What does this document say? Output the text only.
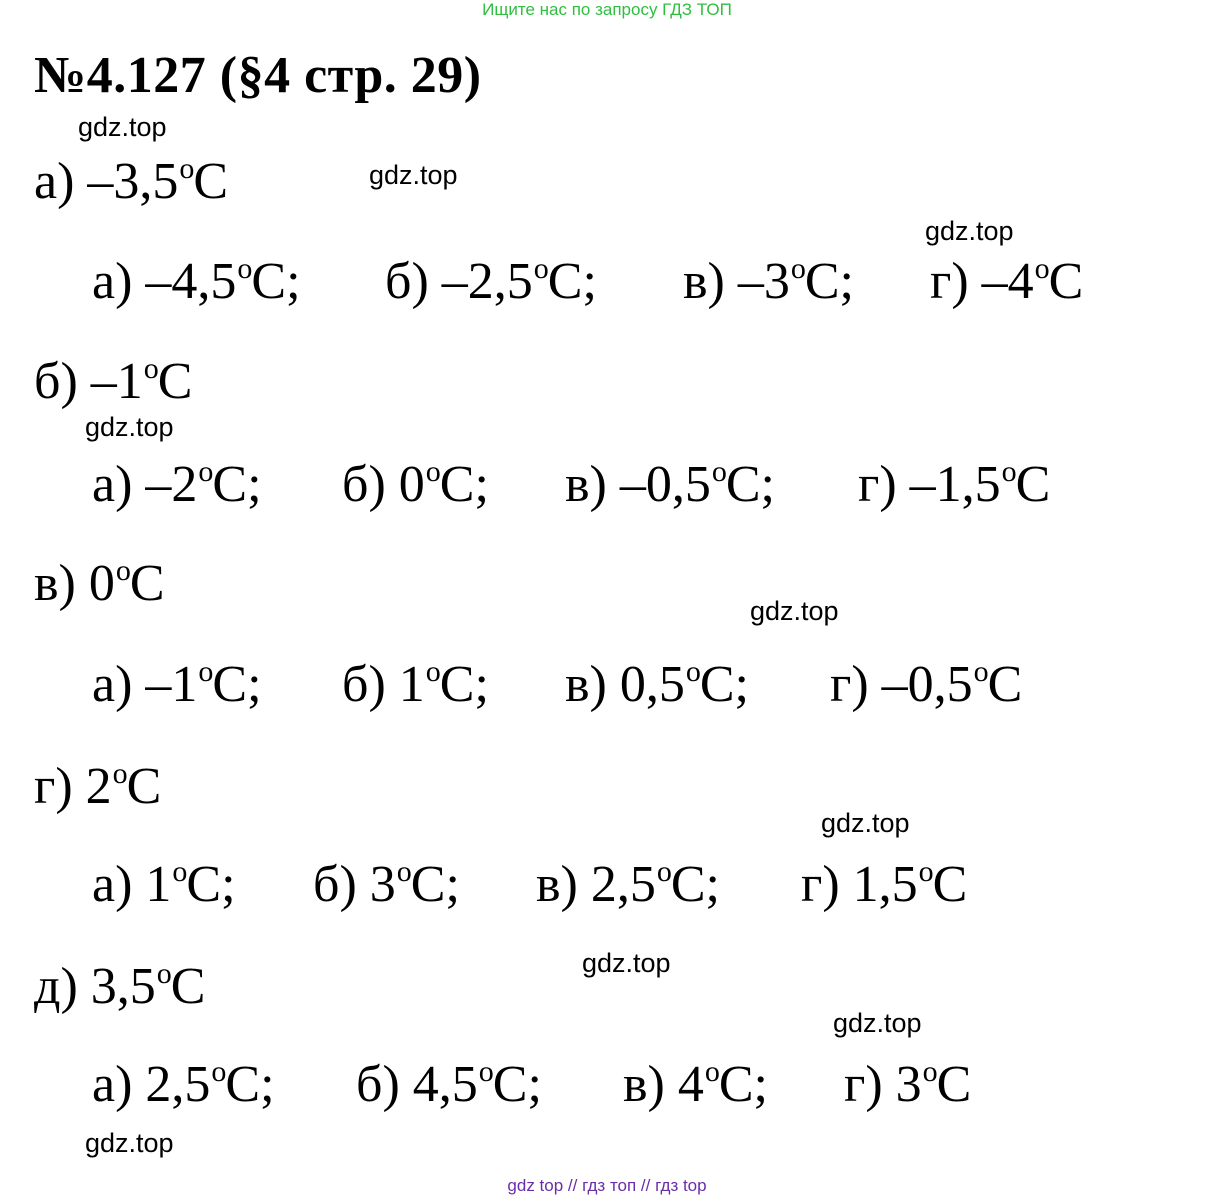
Ищите нас по запросу ГДЗ ТОП
№4.127 (§4 стр. 29)
gdz.top
gdz.top
gdz.top
gdz.top
gdz.top
gdz.top
gdz.top
gdz.top
gdz.top
а) –3,5$^o$C
а) –4,5$^o$C; б) –2,5$^o$C; в) –3$^o$C; г) –4$^o$C
б) –1$^o$C
а) –2$^o$C; б) 0$^o$C; в) –0,5$^o$C; г) –1,5$^o$C
в) 0$^o$C
а) –1$^o$C; б) 1$^o$C; в) 0,5$^o$C; г) –0,5$^o$C
г) 2$^o$C
а) 1$^o$C; б) 3$^o$C; в) 2,5$^o$C; г) 1,5$^o$C
д) 3,5$^o$C
а) 2,5$^o$C; б) 4,5$^o$C; в) 4$^o$C; г) 3$^o$C
gdz top // гдз топ // гдз top
